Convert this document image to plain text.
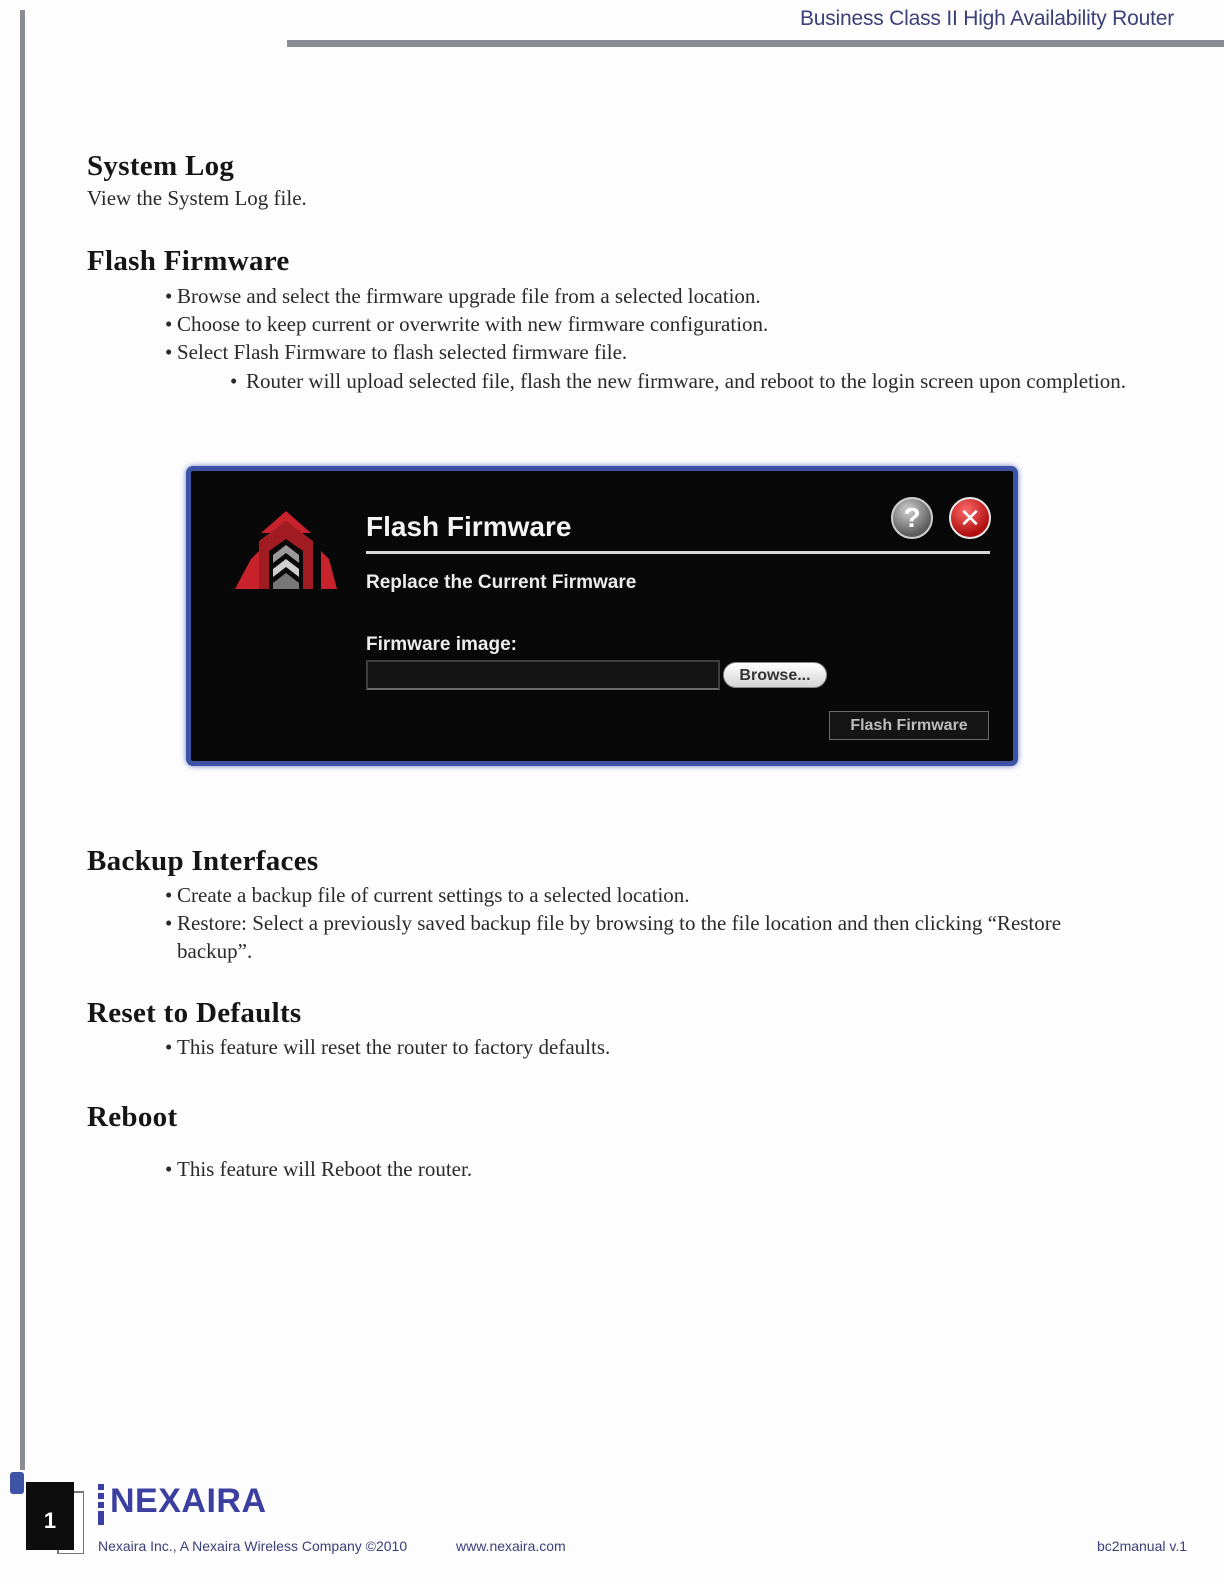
Business Class II High Availability Router
System Log

View the System Log file.

Flash Firmware
• Browse and select the firmware upgrade file from a selected location.
• Choose to keep current or overwrite with new firmware configuration.
• Select Flash Firmware to flash selected firmware file.
• Router will upload selected file, flash the new firmware, and reboot to the login screen upon completion.
Flash Firmware	?	✕
Replace the Current Firmware
Firmware image:
Browse...
Flash Firmware
Backup Interfaces
• Create a backup file of current settings to a selected location.
• Restore: Select a previously saved backup file by browsing to the file location and then clicking “Restore backup”.
Reset to Defaults
• This feature will reset the router to factory defaults.
Reboot
• This feature will Reboot the router.
1
NEXAIRA
Nexaira Inc., A Nexaira Wireless Company ©2010	www.nexaira.com	bc2manual v.1
